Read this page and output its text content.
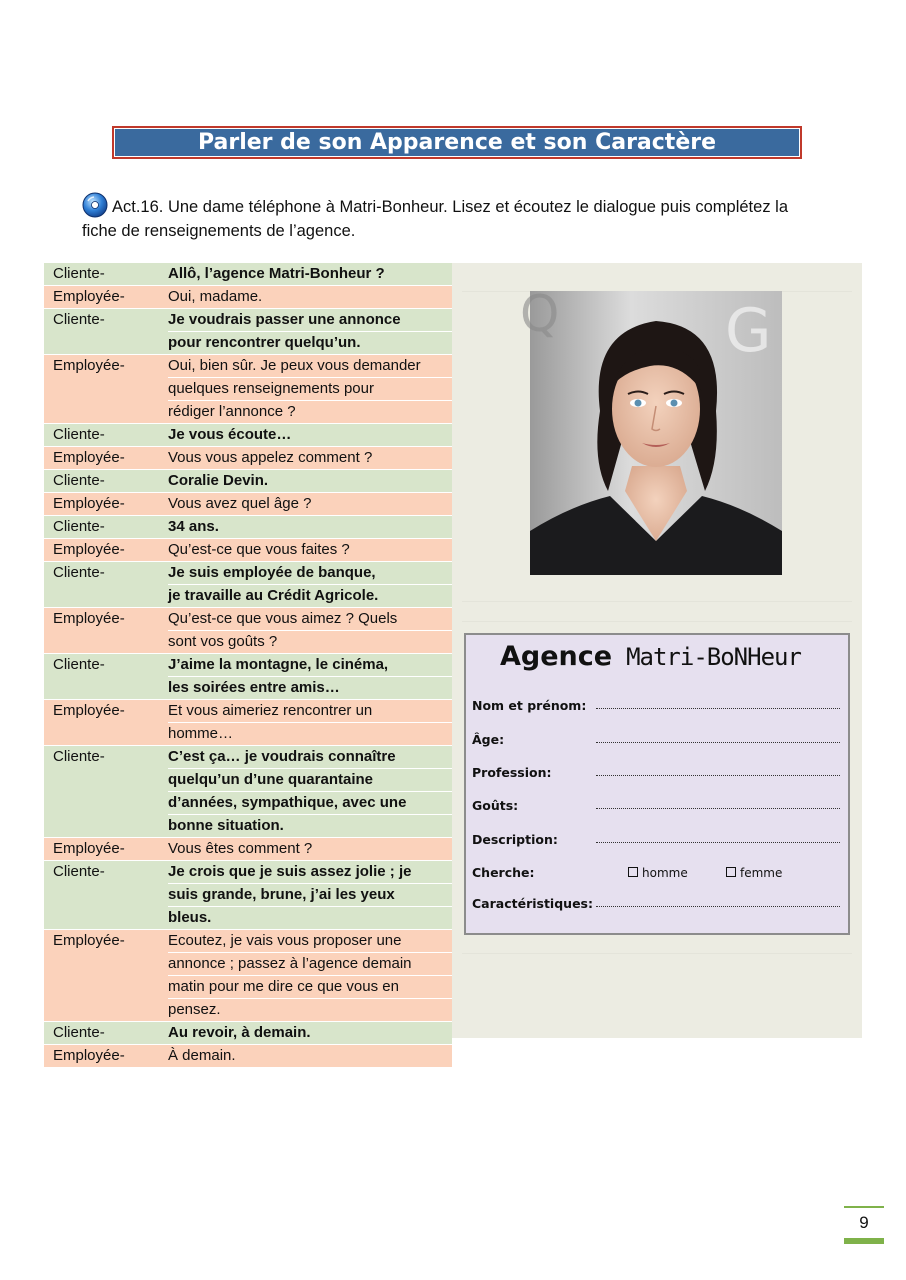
Parler de son Apparence et son Caractère
Act.16. Une dame téléphone à Matri-Bonheur. Lisez et écoutez le dialogue puis complétez la fiche de renseignements de l’agence.
Cliente-	Allô, l’agence Matri-Bonheur ?

Employée-	Oui, madame.

Cliente-	Je voudrais passer une annonce
pour rencontrer quelqu’un.

Employée-	Oui, bien sûr. Je peux vous demander
quelques renseignements pour
rédiger l’annonce ?

Cliente-	Je vous écoute…

Employée-	Vous vous appelez comment ?

Cliente-	Coralie Devin.

Employée-	Vous avez quel âge ?

Cliente-	34 ans.

Employée-	Qu’est-ce que vous faites ?

Cliente-	Je suis employée de banque,
je travaille au Crédit Agricole.

Employée-	Qu’est-ce que vous aimez ? Quels
sont vos goûts ?

Cliente-	J’aime la montagne, le cinéma,
les soirées entre amis…

Employée-	Et vous aimeriez rencontrer un
homme…

Cliente-	C’est ça… je voudrais connaître
quelqu’un d’une quarantaine
d’années, sympathique, avec une
bonne situation.

Employée-	Vous êtes comment ?

Cliente-	Je crois que je suis assez jolie ; je
suis grande, brune, j’ai les yeux
bleus.

Employée-	Ecoutez, je vais vous proposer une
annonce ; passez à l’agence demain
matin pour me dire ce que vous en
pensez.

Cliente-	Au revoir, à demain.

Employée-	À demain.
G
Q
Agence Matri-BoNHeur
Nom et prénom:
Âge:
Profession:
Goûts:
Description:
Cherche:	homme	femme
Caractéristiques:
9
